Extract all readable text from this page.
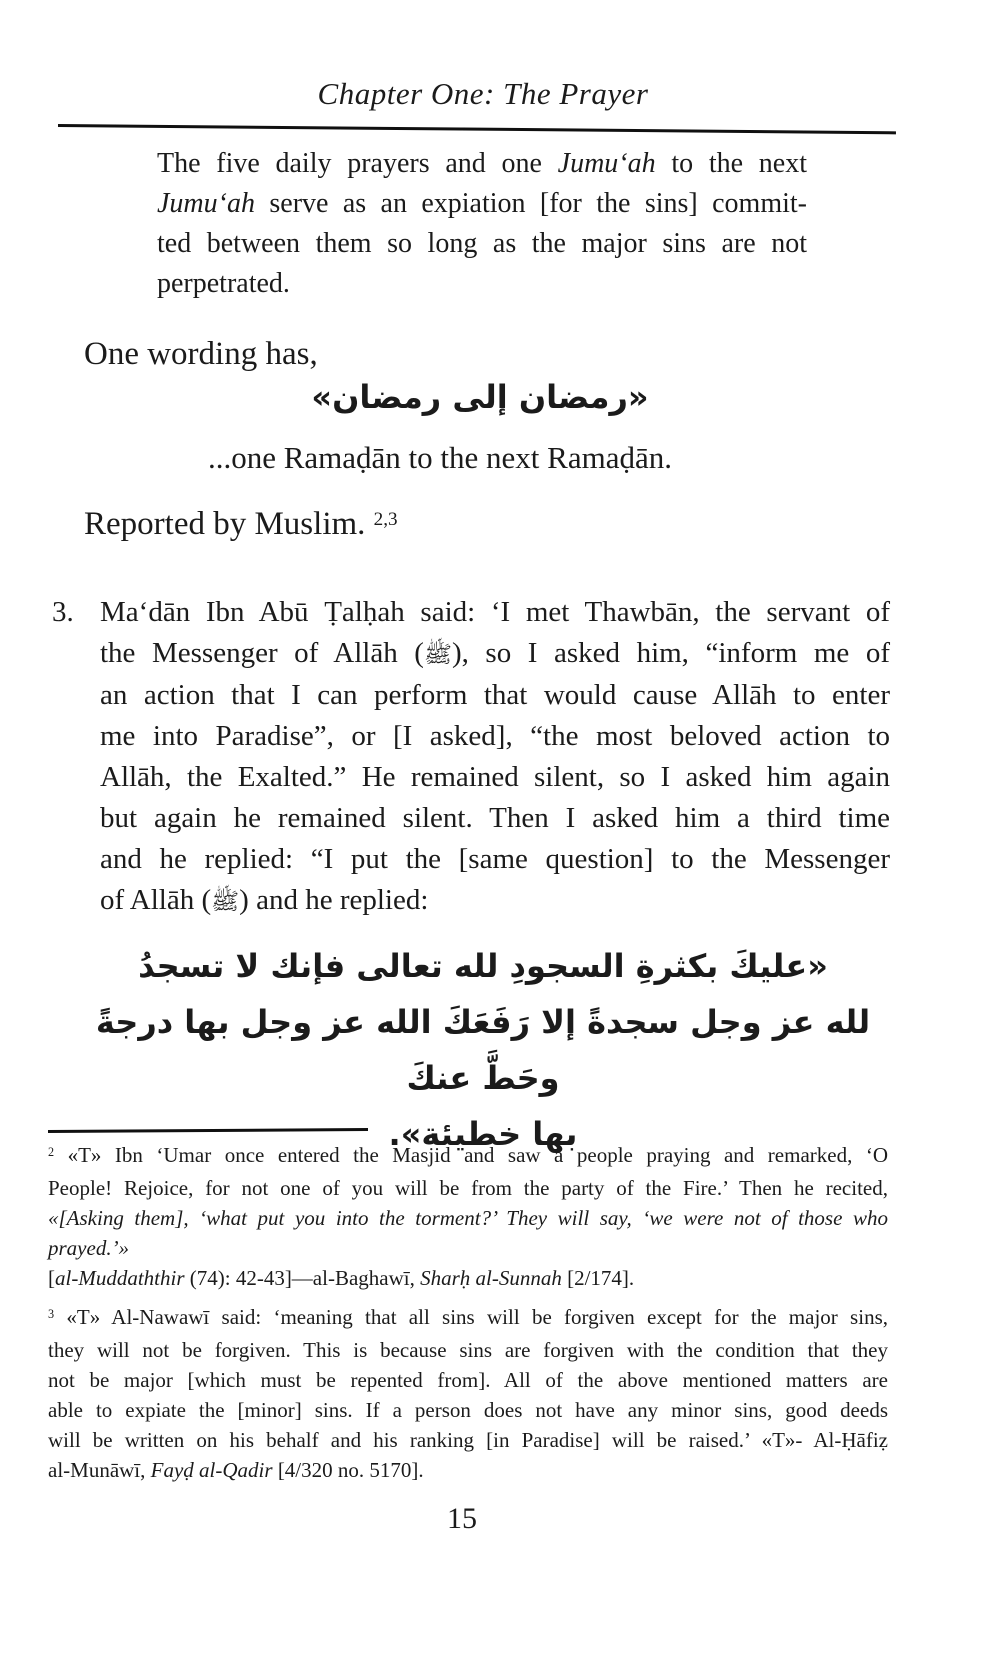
Chapter One: The Prayer
The five daily prayers and one Jumu‘ah to the next
Jumu‘ah serve as an expiation [for the sins] commit-
ted between them so long as the major sins are not
perpetrated.
One wording has,
«رمضان إلى رمضان»
...one Ramaḍān to the next Ramaḍān.
Reported by Muslim. $^{2,3}$
3. Ma‘dān Ibn Abū Ṭalḥah said: ‘I met Thawbān, the servant of
the Messenger of Allāh (ﷺ), so I asked him, “inform me of
an action that I can perform that would cause Allāh to enter
me into Paradise”, or [I asked], “the most beloved action to
Allāh, the Exalted.” He remained silent, so I asked him again
but again he remained silent. Then I asked him a third time
and he replied: “I put the [same question] to the Messenger
of Allāh (ﷺ) and he replied:
«عليكَ بكثرةِ السجودِ لله تعالى فإنك لا تسجدُ
لله عز وجل سجدةً إلا رَفَعَكَ الله عز وجل بها درجةً وحَطَّ عنكَ
بها خطيئة».
$^2$ «T» Ibn ‘Umar once entered the Masjid and saw a people praying and remarked, ‘O
People! Rejoice, for not one of you will be from the party of the Fire.’ Then he recited,
«[Asking them], ‘what put you into the torment?’ They will say, ‘we were not of those who prayed.’»
[al-Muddaththir (74): 42-43]—al-Baghawī, Sharḥ al-Sunnah [2/174].
$^3$ «T» Al-Nawawī said: ‘meaning that all sins will be forgiven except for the major sins,
they will not be forgiven. This is because sins are forgiven with the condition that they
not be major [which must be repented from]. All of the above mentioned matters are
able to expiate the [minor] sins. If a person does not have any minor sins, good deeds
will be written on his behalf and his ranking [in Paradise] will be raised.’ «T»- Al-Ḥāfiẓ
al-Munāwī, Fayḍ al-Qadir [4/320 no. 5170].
15
